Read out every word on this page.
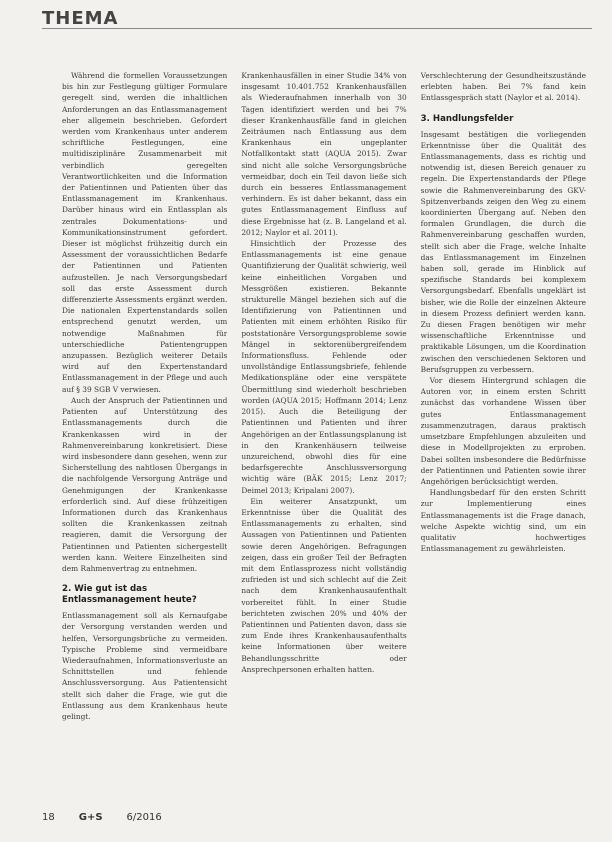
THEMA

Während die formellen Voraussetzungen bis hin zur Festlegung gültiger Formulare geregelt sind, werden die inhaltlichen Anforderungen an das Entlassmanagement eher allgemein beschrieben. Gefordert werden vom Krankenhaus unter anderem schriftliche Festlegungen, eine multidisziplinäre Zusammenarbeit mit verbindlich geregelten Verantwortlichkeiten und die Information der Patientinnen und Patienten über das Entlassmanagement im Krankenhaus. Darüber hinaus wird ein Entlassplan als zentrales Dokumentations- und Kommunikationsinstrument gefordert. Dieser ist möglichst frühzeitig durch ein Assessment der voraussichtlichen Bedarfe der Patientinnen und Patienten aufzustellen. Je nach Versorgungsbedarf soll das erste Assessment durch differenzierte Assessments ergänzt werden. Die nationalen Expertenstandards sollen entsprechend genutzt werden, um notwendige Maßnahmen für unterschiedliche Patientengruppen anzupassen. Bezüglich weiterer Details wird auf den Expertenstandard Entlassmanagement in der Pflege und auch auf § 39 SGB V verwiesen.

Auch der Anspruch der Patientinnen und Patienten auf Unterstützung des Entlassmanagements durch die Krankenkassen wird in der Rahmenvereinbarung konkretisiert. Diese wird insbesondere dann gesehen, wenn zur Sicherstellung des nahtlosen Übergangs in die nachfolgende Versorgung Anträge und Genehmigungen der Krankenkasse erforderlich sind. Auf diese frühzeitigen Informationen durch das Krankenhaus sollten die Krankenkassen zeitnah reagieren, damit die Versorgung der Patientinnen und Patienten sichergestellt werden kann. Weitere Einzelheiten sind dem Rahmenvertrag zu entnehmen.

2. Wie gut ist das Entlassmanagement heute?

Entlassmanagement soll als Kernaufgabe der Versorgung verstanden werden und helfen, Versorgungsbrüche zu vermeiden. Typische Probleme sind vermeidbare Wiederaufnahmen, Informationsverluste an Schnittstellen und fehlende Anschlussversorgung. Aus Patientensicht stellt sich daher die Frage, wie gut die Entlassung aus dem Krankenhaus heute gelingt.

Krankenhausfällen in einer Studie 34% von insgesamt 10.401.752 Krankenhausfällen als Wiederaufnahmen innerhalb von 30 Tagen identifiziert werden und bei 7% dieser Krankenhausfälle fand in gleichen Zeiträumen nach Entlassung aus dem Krankenhaus ein ungeplanter Notfallkontakt statt (AQUA 2015). Zwar sind nicht alle solche Versorgungsbrüche vermeidbar, doch ein Teil davon ließe sich durch ein besseres Entlassmanagement verhindern. Es ist daher bekannt, dass ein gutes Entlassmanagement Einfluss auf diese Ergebnisse hat (z. B. Langeland et al. 2012; Naylor et al. 2011).

Hinsichtlich der Prozesse des Entlassmanagements ist eine genaue Quantifizierung der Qualität schwierig, weil keine einheitlichen Vorgaben und Messgrößen existieren. Bekannte strukturelle Mängel beziehen sich auf die Identifizierung von Patientinnen und Patienten mit einem erhöhten Risiko für poststationäre Versorgungsprobleme sowie Mängel in sektorenübergreifendem Informationsfluss. Fehlende oder unvollständige Entlassungsbriefe, fehlende Medikationspläne oder eine verspätete Übermittlung sind wiederholt beschrieben worden (AQUA 2015; Hoffmann 2014; Lenz 2015). Auch die Beteiligung der Patientinnen und Patienten und ihrer Angehörigen an der Entlassungsplanung ist in den Krankenhäusern teilweise unzureichend, obwohl dies für eine bedarfsgerechte Anschlussversorgung wichtig wäre (BÄK 2015; Lenz 2017; Deimel 2013; Kripalani 2007).

Ein weiterer Ansatzpunkt, um Erkenntnisse über die Qualität des Entlassmanagements zu erhalten, sind Aussagen von Patientinnen und Patienten sowie deren Angehörigen. Befragungen zeigen, dass ein großer Teil der Befragten mit dem Entlassprozess nicht vollständig zufrieden ist und sich schlecht auf die Zeit nach dem Krankenhausaufenthalt vorbereitet fühlt. In einer Studie berichteten zwischen 20% und 40% der Patientinnen und Patienten davon, dass sie zum Ende ihres Krankenhausaufenthalts keine Informationen über weitere Behandlungsschritte oder Ansprechpersonen erhalten hatten.

Verschlechterung der Gesundheitszustände erlebten haben. Bei 7% fand kein Entlassgespräch statt (Naylor et al. 2014).

3. Handlungsfelder

Insgesamt bestätigen die vorliegenden Erkenntnisse über die Qualität des Entlassmanagements, dass es richtig und notwendig ist, diesen Bereich genauer zu regeln. Die Expertenstandards der Pflege sowie die Rahmenvereinbarung des GKV-Spitzenverbands zeigen den Weg zu einem koordinierten Übergang auf. Neben den formalen Grundlagen, die durch die Rahmenvereinbarung geschaffen wurden, stellt sich aber die Frage, welche Inhalte das Entlassmanagement im Einzelnen haben soll, gerade im Hinblick auf spezifische Standards bei komplexem Versorgungsbedarf. Ebenfalls ungeklärt ist bisher, wie die Rolle der einzelnen Akteure in diesem Prozess definiert werden kann. Zu diesen Fragen benötigen wir mehr wissenschaftliche Erkenntnisse und praktikable Lösungen, um die Koordination zwischen den verschiedenen Sektoren und Berufsgruppen zu verbessern.

Vor diesem Hintergrund schlagen die Autoren vor, in einem ersten Schritt zunächst das vorhandene Wissen über gutes Entlassmanagement zusammenzutragen, daraus praktisch umsetzbare Empfehlungen abzuleiten und diese in Modellprojekten zu erproben. Dabei sollten insbesondere die Bedürfnisse der Patientinnen und Patienten sowie ihrer Angehörigen berücksichtigt werden.

Handlungsbedarf für den ersten Schritt zur Implementierung eines Entlassmanagements ist die Frage danach, welche Aspekte wichtig sind, um ein qualitativ hochwertiges Entlassmanagement zu gewährleisten.

18 G+S 6/2016
